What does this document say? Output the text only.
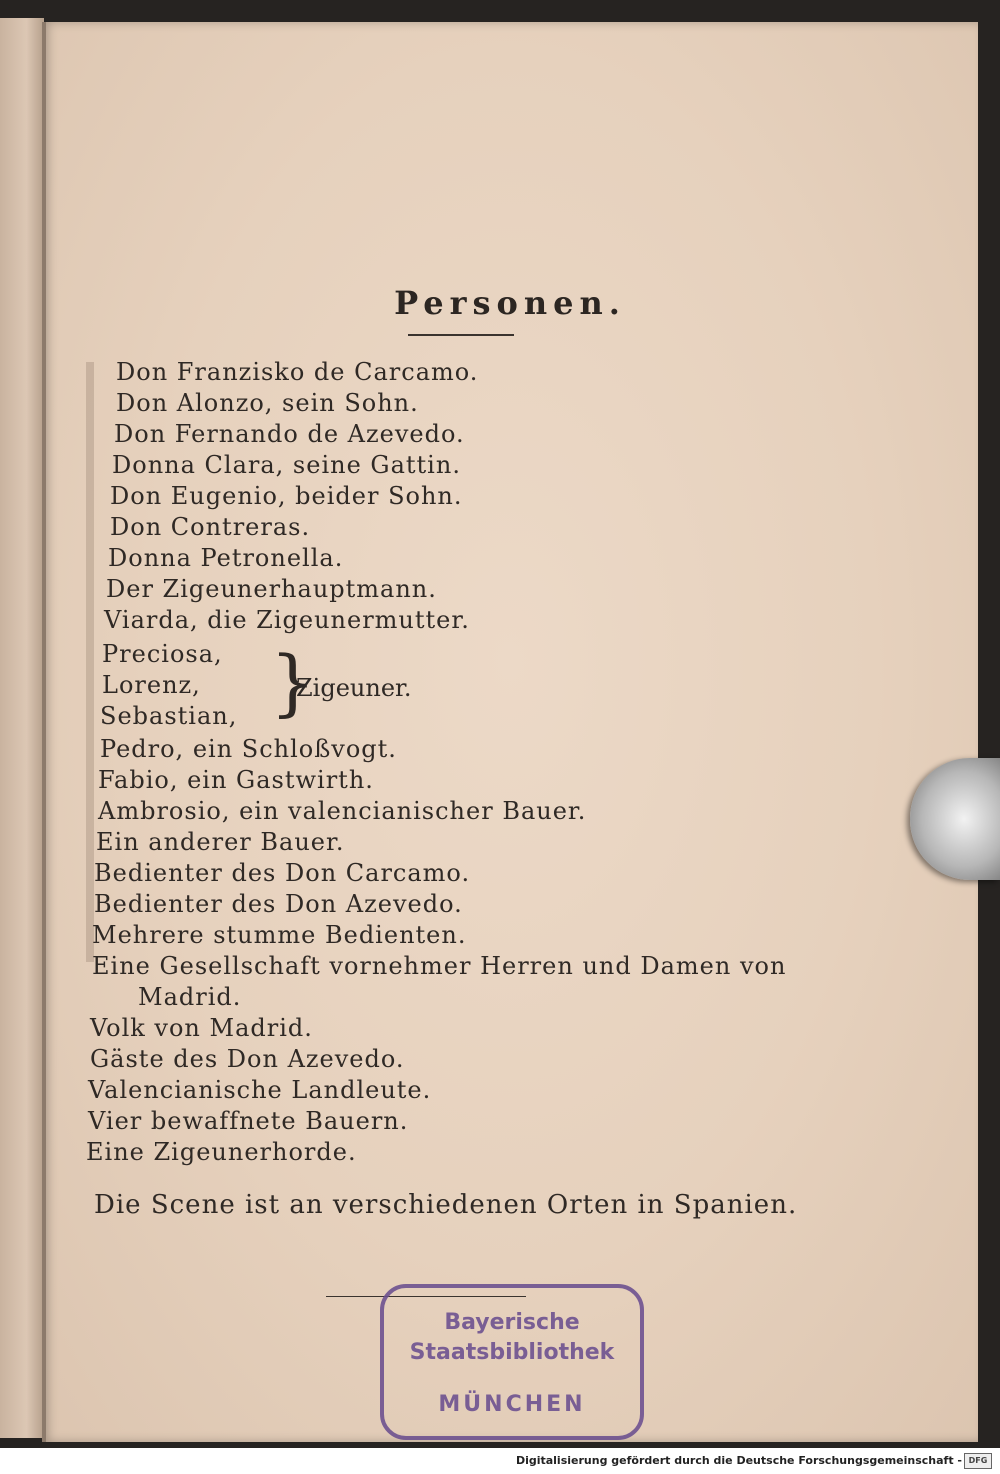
Personen.
Don Franzisko de Carcamo.
Don Alonzo, sein Sohn.
Don Fernando de Azevedo.
Donna Clara, seine Gattin.
Don Eugenio, beider Sohn.
Don Contreras.
Donna Petronella.
Der Zigeunerhauptmann.
Viarda, die Zigeunermutter.
Preciosa,
Lorenz,
Sebastian,
Pedro, ein Schloßvogt.
Fabio, ein Gastwirth.
Ambrosio, ein valencianischer Bauer.
Ein anderer Bauer.
Bedienter des Don Carcamo.
Bedienter des Don Azevedo.
Mehrere stumme Bedienten.
Eine Gesellschaft vornehmer Herren und Damen von
Madrid.
Volk von Madrid.
Gäste des Don Azevedo.
Valencianische Landleute.
Vier bewaffnete Bauern.
Eine Zigeunerhorde.
}
Zigeuner.
Die Scene ist an verschiedenen Orten in Spanien.
Bayerische
Staatsbibliothek
MÜNCHEN
Digitalisierung gefördert durch die Deutsche Forschungsgemeinschaft - DFG
